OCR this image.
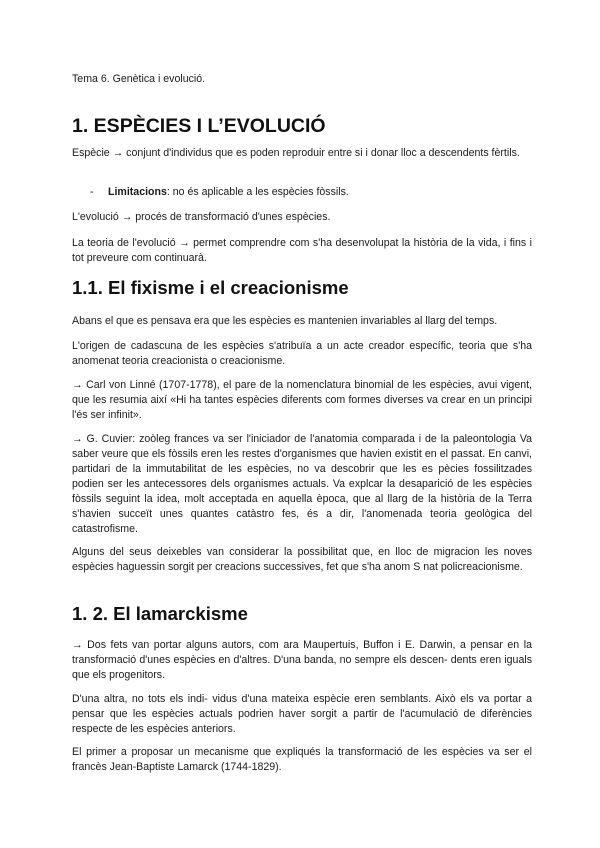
Tema 6. Genètica i evolució.
1. ESPÈCIES I L’EVOLUCIÓ

Espècie → conjunt d'individus que es poden reproduir entre si i donar lloc a descendents fèrtils.

- Limitacions: no és aplicable a les espècies fòssils.

L'evolució → procés de transformació d'unes espècies.

La teoria de l'evolució → permet comprendre com s'ha desenvolupat la història de la vida, i fins i tot preveure com continuarà.

1.1. El fixisme i el creacionisme

Abans el que es pensava era que les espècies es mantenien invariables al llarg del temps.

L'origen de cadascuna de les espècies s'atribuïa a un acte creador específic, teoria que s'ha anomenat teoria creacionista o creacionisme.

→ Carl von Linné (1707-1778), el pare de la nomenclatura binomial de les espècies, avui vigent, que les resumia així «Hi ha tantes espècies diferents com formes diverses va crear en un principi l'és ser infinit».

→ G. Cuvier: zoòleg frances va ser l'iniciador de l'anatomia comparada i de la paleontologia Va saber veure que els fòssils eren les restes d'organismes que havien existit en el passat. En canvi, partidari de la immutabilitat de les espècies, no va descobrir que les es pècies fossilitzades podien ser les antecessores dels organismes actuals. Va explcar la desaparició de les espècies fòssils seguint la idea, molt acceptada en aquella època, que al llarg de la història de la Terra s'havien succeït unes quantes catàstro fes, és a dir, l'anomenada teoria geològica del catastrofisme.

Alguns del seus deixebles van considerar la possibilitat que, en lloc de migracion les noves espècies haguessin sorgit per creacions successives, fet que s'ha anom S nat policreacionisme.

1. 2. El lamarckisme

→ Dos fets van portar alguns autors, com ara Maupertuis, Buffon i E. Darwin, a pensar en la transformació d'unes espècies en d'altres. D'una banda, no sempre els descen- dents eren iguals que els progenitors.

D'una altra, no tots els indi- vidus d'una mateixa espècie eren semblants. Això els va portar a pensar que les espècies actuals podrien haver sorgit a partir de l'acumulació de diferències respecte de les espècies anteriors.

El primer a proposar un mecanisme que expliqués la transformació de les espècies va ser el francès Jean-Baptiste Lamarck (1744-1829).
